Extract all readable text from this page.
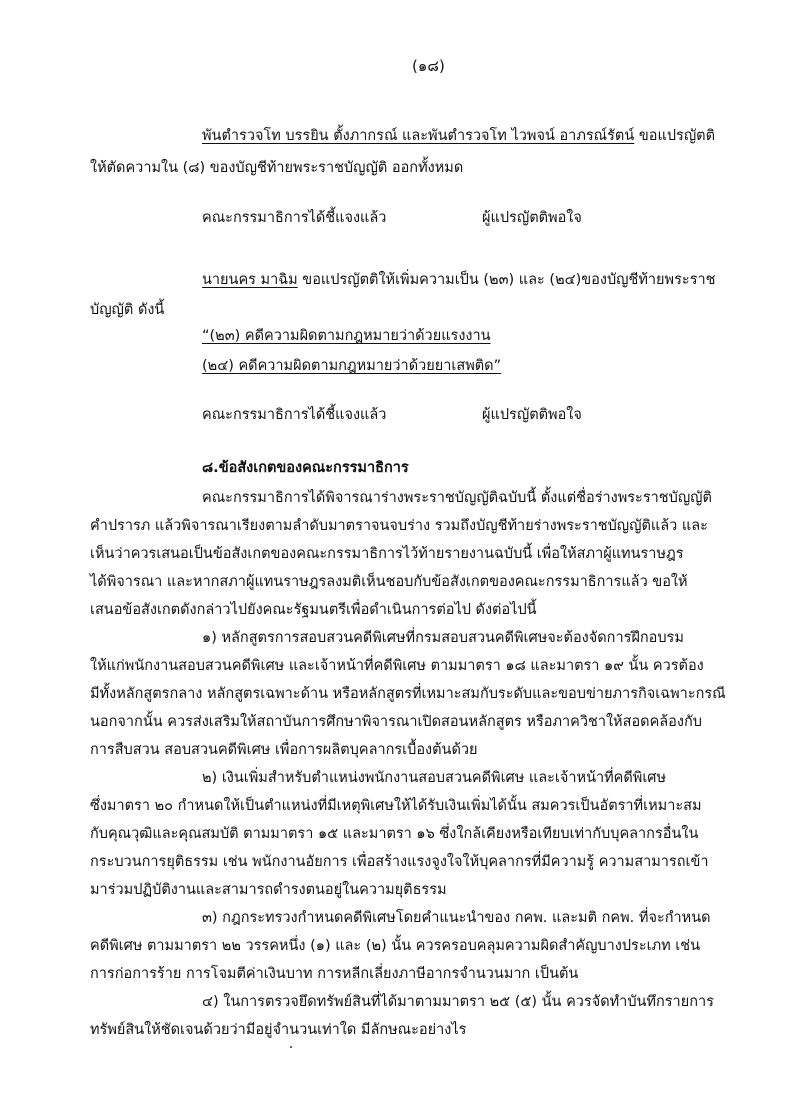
(๑๘)
พันตำรวจโท บรรยิน ตั้งภากรณ์ และพันตำรวจโท ไวพจน์ อาภรณ์รัตน์ ขอแปรญัตติ
ให้ตัดความใน (๘) ของบัญชีท้ายพระราชบัญญัติ ออกทั้งหมด
คณะกรรมาธิการได้ชี้แจงแล้ว	ผู้แปรญัตติพอใจ
นายนคร มาฉิม ขอแปรญัตติให้เพิ่มความเป็น (๒๓) และ (๒๔)ของบัญชีท้ายพระราช
บัญญัติ ดังนี้
“(๒๓) คดีความผิดตามกฎหมายว่าด้วยแรงงาน
(๒๔) คดีความผิดตามกฎหมายว่าด้วยยาเสพติด”
คณะกรรมาธิการได้ชี้แจงแล้ว	ผู้แปรญัตติพอใจ
๘.ข้อสังเกตของคณะกรรมาธิการ
คณะกรรมาธิการได้พิจารณาร่างพระราชบัญญัติฉบับนี้ ตั้งแต่ชื่อร่างพระราชบัญญัติ
คำปรารภ แล้วพิจารณาเรียงตามลำดับมาตราจนจบร่าง รวมถึงบัญชีท้ายร่างพระราชบัญญัติแล้ว และ
เห็นว่าควรเสนอเป็นข้อสังเกตของคณะกรรมาธิการไว้ท้ายรายงานฉบับนี้ เพื่อให้สภาผู้แทนราษฎร
ได้พิจารณา และหากสภาผู้แทนราษฎรลงมติเห็นชอบกับข้อสังเกตของคณะกรรมาธิการแล้ว ขอให้
เสนอข้อสังเกตดังกล่าวไปยังคณะรัฐมนตรีเพื่อดำเนินการต่อไป ดังต่อไปนี้
๑) หลักสูตรการสอบสวนคดีพิเศษที่กรมสอบสวนคดีพิเศษจะต้องจัดการฝึกอบรม
ให้แก่พนักงานสอบสวนคดีพิเศษ และเจ้าหน้าที่คดีพิเศษ ตามมาตรา ๑๘ และมาตรา ๑๙ นั้น ควรต้อง
มีทั้งหลักสูตรกลาง หลักสูตรเฉพาะด้าน หรือหลักสูตรที่เหมาะสมกับระดับและขอบข่ายภารกิจเฉพาะกรณี
นอกจากนั้น ควรส่งเสริมให้สถาบันการศึกษาพิจารณาเปิดสอนหลักสูตร หรือภาควิชาให้สอดคล้องกับ
การสืบสวน สอบสวนคดีพิเศษ เพื่อการผลิตบุคลากรเบื้องต้นด้วย
๒) เงินเพิ่มสำหรับตำแหน่งพนักงานสอบสวนคดีพิเศษ และเจ้าหน้าที่คดีพิเศษ
ซึ่งมาตรา ๒๐ กำหนดให้เป็นตำแหน่งที่มีเหตุพิเศษให้ได้รับเงินเพิ่มได้นั้น สมควรเป็นอัตราที่เหมาะสม
กับคุณวุฒิและคุณสมบัติ ตามมาตรา ๑๕ และมาตรา ๑๖ ซึ่งใกล้เคียงหรือเทียบเท่ากับบุคลากรอื่นใน
กระบวนการยุติธรรม เช่น พนักงานอัยการ เพื่อสร้างแรงจูงใจให้บุคลากรที่มีความรู้ ความสามารถเข้า
มาร่วมปฏิบัติงานและสามารถดำรงตนอยู่ในความยุติธรรม
๓) กฎกระทรวงกำหนดคดีพิเศษโดยคำแนะนำของ กคพ. และมติ กคพ. ที่จะกำหนด
คดีพิเศษ ตามมาตรา ๒๒ วรรคหนึ่ง (๑) และ (๒) นั้น ควรครอบคลุมความผิดสำคัญบางประเภท เช่น
การก่อการร้าย การโจมตีค่าเงินบาท การหลีกเลี่ยงภาษีอากรจำนวนมาก เป็นต้น
๔) ในการตรวจยึดทรัพย์สินที่ได้มาตามมาตรา ๒๕ (๕) นั้น ควรจัดทำบันทึกรายการ
ทรัพย์สินให้ชัดเจนด้วยว่ามีอยู่จำนวนเท่าใด มีลักษณะอย่างไร
